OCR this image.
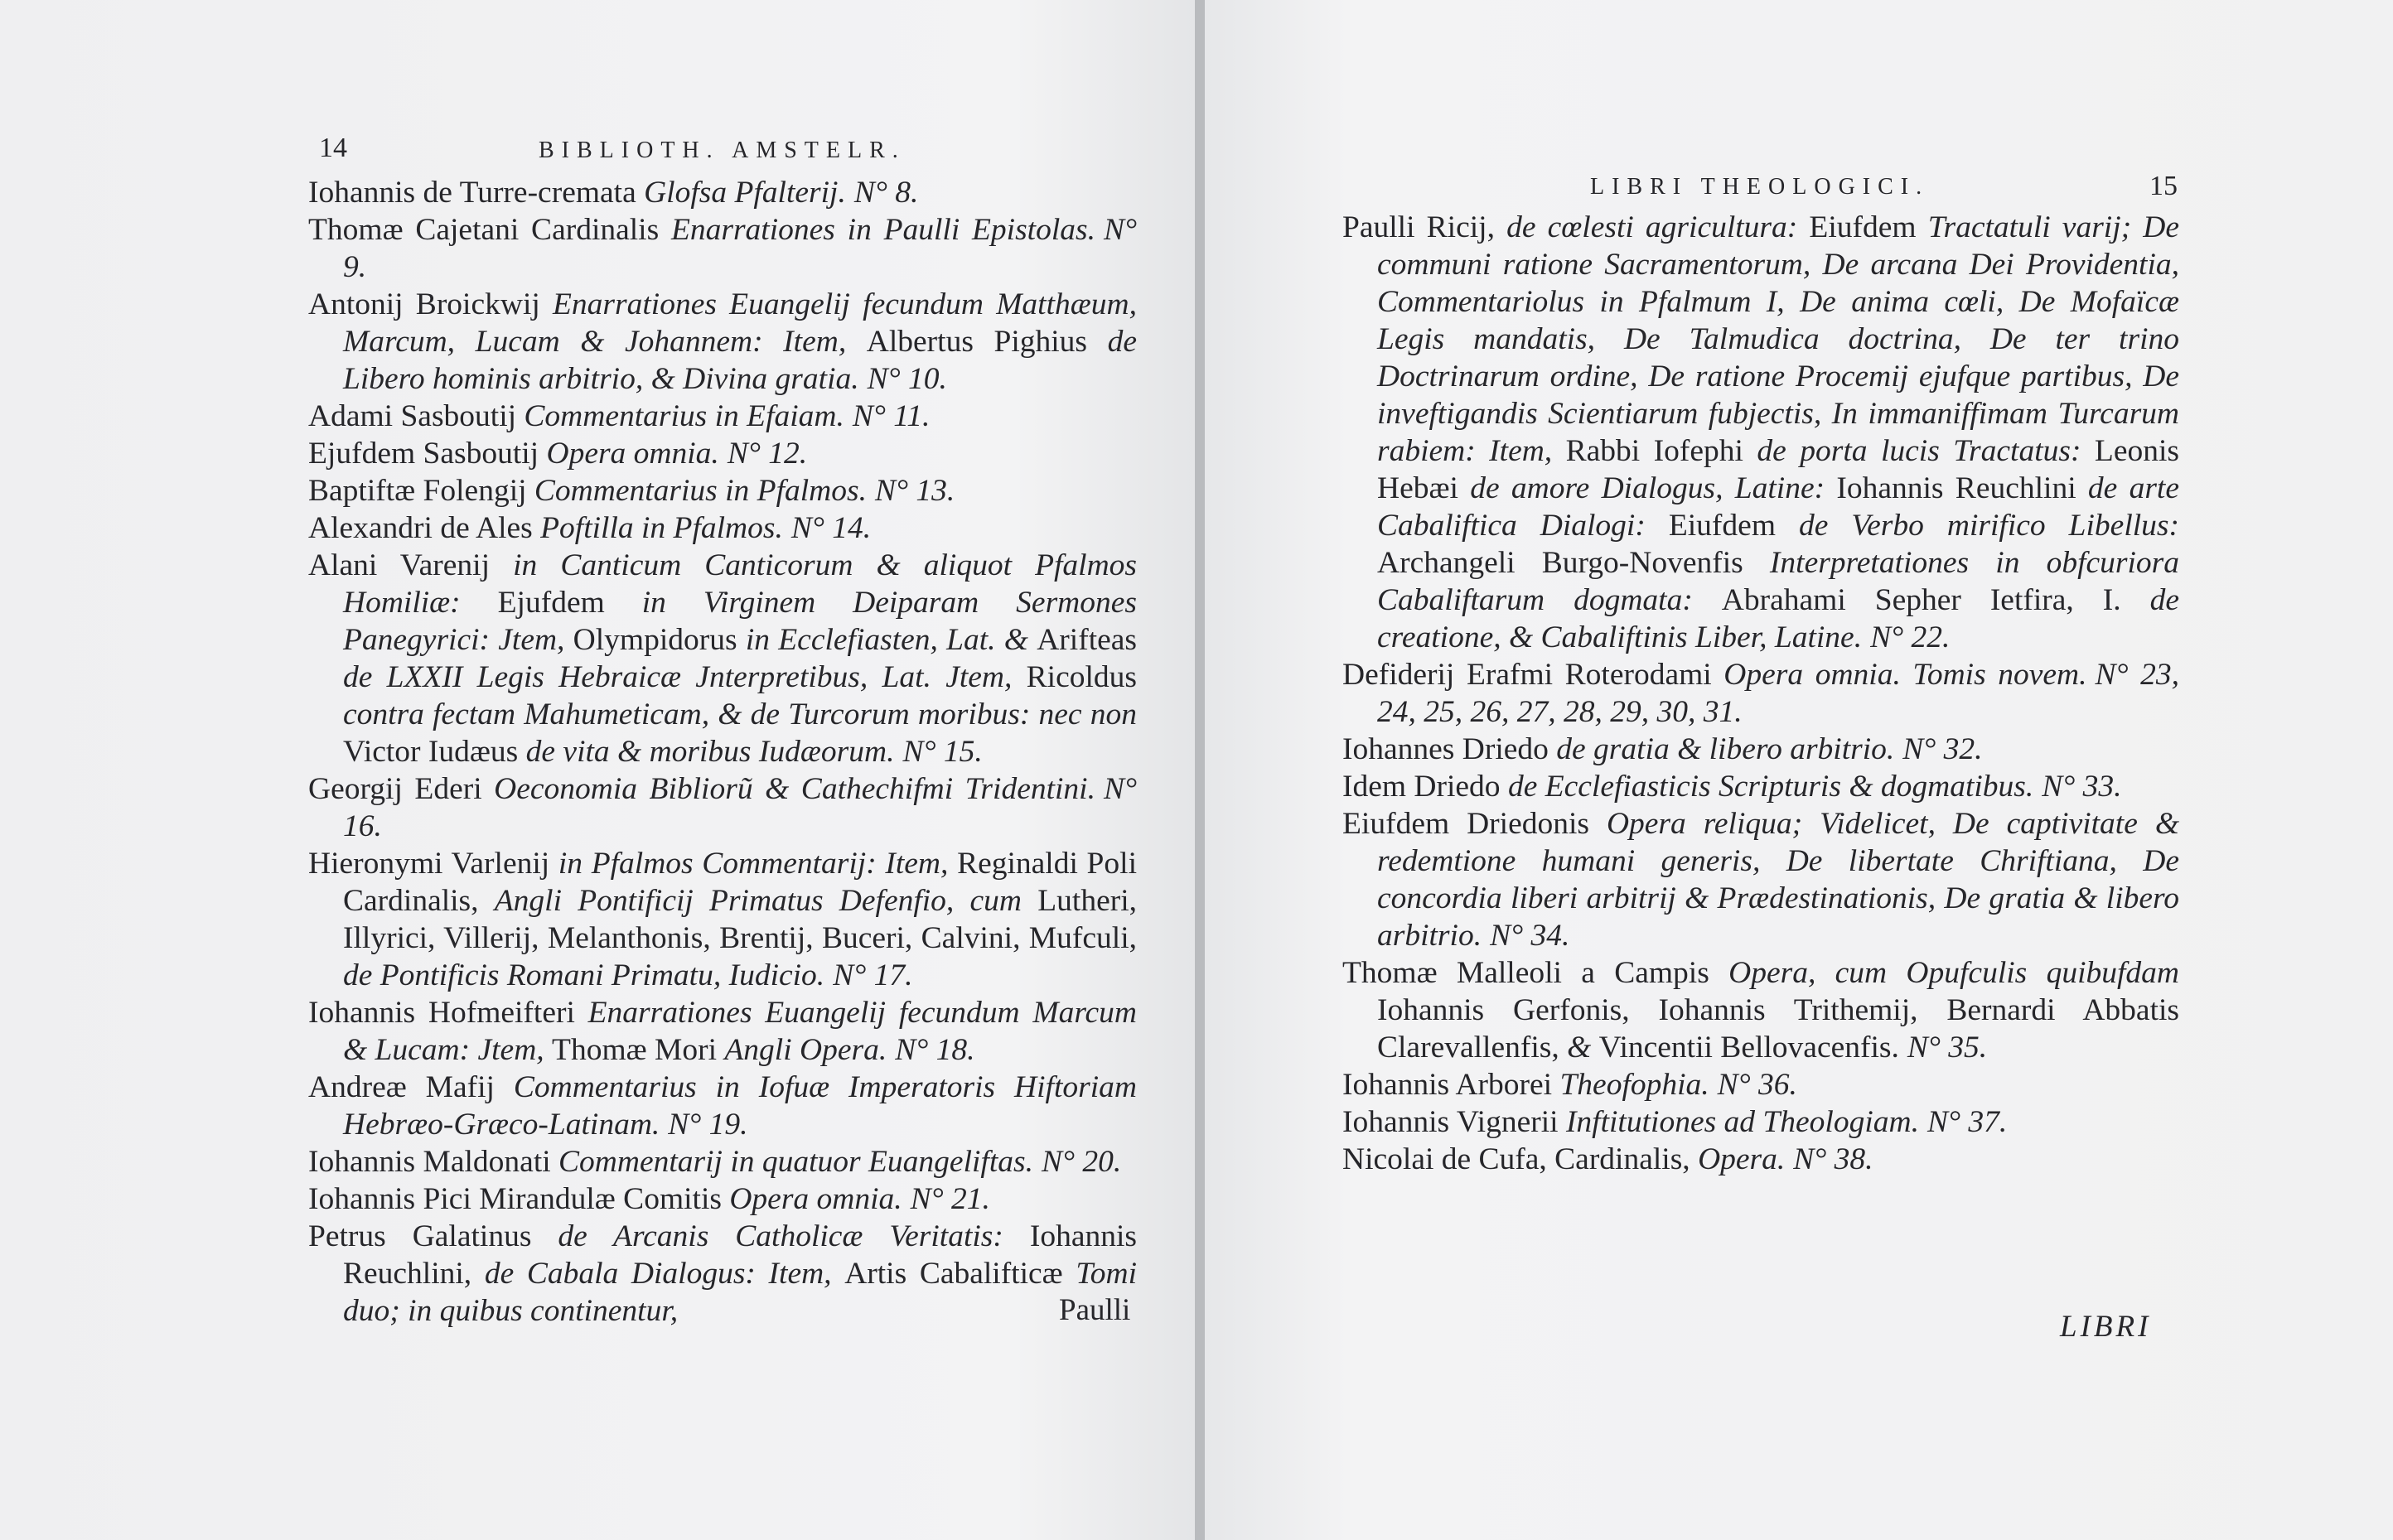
14	BIBLIOTH. AMSTELR.

Iohannis de Turre-cremata Glofsa Pfalterij. N° 8.

Thomæ Cajetani Cardinalis Enarrationes in Paulli Epistolas. N° 9.

Antonij Broickwij Enarrationes Euangelij fecundum Matthæum, Marcum, Lucam & Johannem: Item, Albertus Pighius de Libero hominis arbitrio, & Divina gratia. N° 10.

Adami Sasboutij Commentarius in Efaiam. N° 11.

Ejufdem Sasboutij Opera omnia. N° 12.

Baptiftæ Folengij Commentarius in Pfalmos. N° 13.

Alexandri de Ales Poftilla in Pfalmos. N° 14.

Alani Varenij in Canticum Canticorum & aliquot Pfalmos Homiliæ: Ejufdem in Virginem Deiparam Sermones Panegyrici: Jtem, Olympidorus in Ecclefiasten, Lat. & Arifteas de LXXII Legis Hebraicæ Jnterpretibus, Lat. Jtem, Ricoldus contra fectam Mahumeticam, & de Turcorum moribus: nec non Victor Iudæus de vita & moribus Iudæorum. N° 15.

Georgij Ederi Oeconomia Bibliorũ & Cathechifmi Tridentini. N° 16.

Hieronymi Varlenij in Pfalmos Commentarij: Item, Reginaldi Poli Cardinalis, Angli Pontificij Primatus Defenfio, cum Lutheri, Illyrici, Villerij, Melanthonis, Brentij, Buceri, Calvini, Mufculi, de Pontificis Romani Primatu, Iudicio. N° 17.

Iohannis Hofmeifteri Enarrationes Euangelij fecundum Marcum & Lucam: Jtem, Thomæ Mori Angli Opera. N° 18.

Andreæ Mafij Commentarius in Iofuæ Imperatoris Hiftoriam Hebræo-Græco-Latinam. N° 19.

Iohannis Maldonati Commentarij in quatuor Euangeliftas. N° 20.

Iohannis Pici Mirandulæ Comitis Opera omnia. N° 21.

Petrus Galatinus de Arcanis Catholicæ Veritatis: Iohannis Reuchlini, de Cabala Dialogus: Item, Artis Cabalifticæ Tomi duo; in quibus continentur,	Paulli
LIBRI THEOLOGICI.	15

Paulli Ricij, de cœlesti agricultura: Eiufdem Tractatuli varij; De communi ratione Sacramentorum, De arcana Dei Providentia, Commentariolus in Pfalmum I, De anima cœli, De Mofaïcæ Legis mandatis, De Talmudica doctrina, De ter trino Doctrinarum ordine, De ratione Procemij ejufque partibus, De inveftigandis Scientiarum fubjectis, In immaniffimam Turcarum rabiem: Item, Rabbi Iofephi de porta lucis Tractatus: Leonis Hebæi de amore Dialogus, Latine: Iohannis Reuchlini de arte Cabaliftica Dialogi: Eiufdem de Verbo mirifico Libellus: Archangeli Burgo-Novenfis Interpretationes in obfcuriora Cabaliftarum dogmata: Abrahami Sepher Ietfira, I. de creatione, & Cabaliftinis Liber, Latine. N° 22.

Defiderij Erafmi Roterodami Opera omnia. Tomis novem. N° 23, 24, 25, 26, 27, 28, 29, 30, 31.

Iohannes Driedo de gratia & libero arbitrio. N° 32.

Idem Driedo de Ecclefiasticis Scripturis & dogmatibus. N° 33.

Eiufdem Driedonis Opera reliqua; Videlicet, De captivitate & redemtione humani generis, De libertate Chriftiana, De concordia liberi arbitrij & Prædestinationis, De gratia & libero arbitrio. N° 34.

Thomæ Malleoli a Campis Opera, cum Opufculis quibufdam Iohannis Gerfonis, Iohannis Trithemij, Bernardi Abbatis Clarevallenfis, & Vincentii Bellovacenfis. N° 35.

Iohannis Arborei Theofophia. N° 36.

Iohannis Vignerii Inftitutiones ad Theologiam. N° 37.

Nicolai de Cufa, Cardinalis, Opera. N° 38.

LIBRI
